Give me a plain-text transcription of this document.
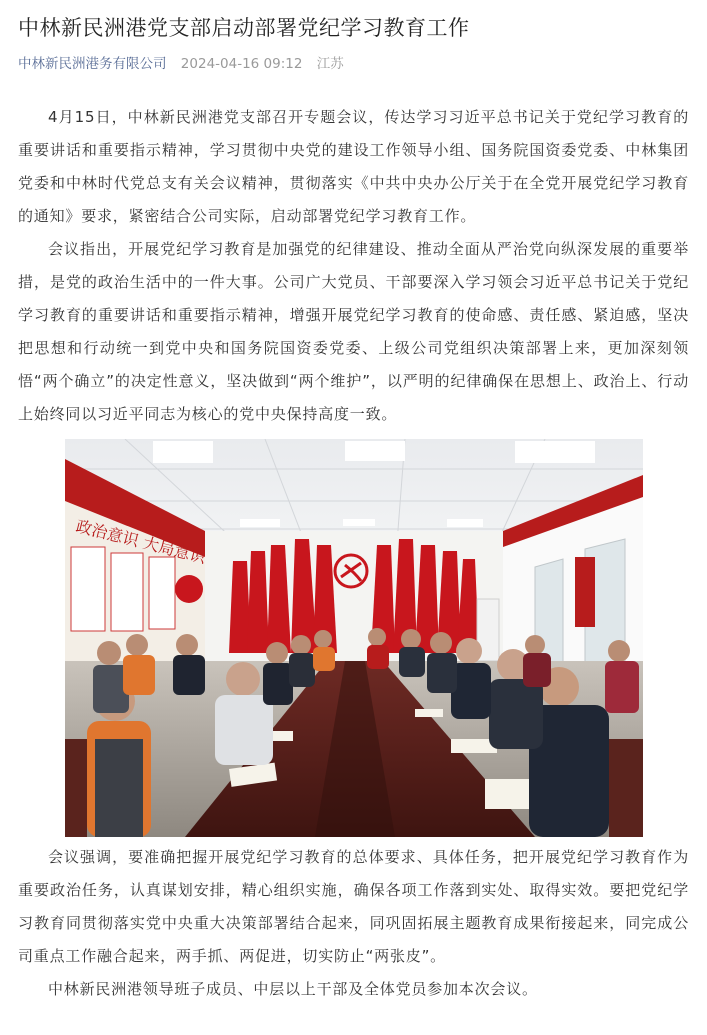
中林新民洲港党支部启动部署党纪学习教育工作
中林新民洲港务有限公司 2024-04-16 09:12 江苏

4月15日，中林新民洲港党支部召开专题会议，传达学习习近平总书记关于党纪学习教育的重要讲话和重要指示精神，学习贯彻中央党的建设工作领导小组、国务院国资委党委、中林集团党委和中林时代党总支有关会议精神，贯彻落实《中共中央办公厅关于在全党开展党纪学习教育的通知》要求，紧密结合公司实际，启动部署党纪学习教育工作。

会议指出，开展党纪学习教育是加强党的纪律建设、推动全面从严治党向纵深发展的重要举措，是党的政治生活中的一件大事。公司广大党员、干部要深入学习领会习近平总书记关于党纪学习教育的重要讲话和重要指示精神，增强开展党纪学习教育的使命感、责任感、紧迫感，坚决把思想和行动统一到党中央和国务院国资委党委、上级公司党组织决策部署上来，更加深刻领悟“两个确立”的决定性意义，坚决做到“两个维护”，以严明的纪律确保在思想上、政治上、行动上始终同以习近平同志为核心的党中央保持高度一致。

政治意识 大局意识

会议强调，要准确把握开展党纪学习教育的总体要求、具体任务，把开展党纪学习教育作为重要政治任务，认真谋划安排，精心组织实施，确保各项工作落到实处、取得实效。要把党纪学习教育同贯彻落实党中央重大决策部署结合起来，同巩固拓展主题教育成果衔接起来，同完成公司重点工作融合起来，两手抓、两促进，切实防止“两张皮”。

中林新民洲港领导班子成员、中层以上干部及全体党员参加本次会议。
